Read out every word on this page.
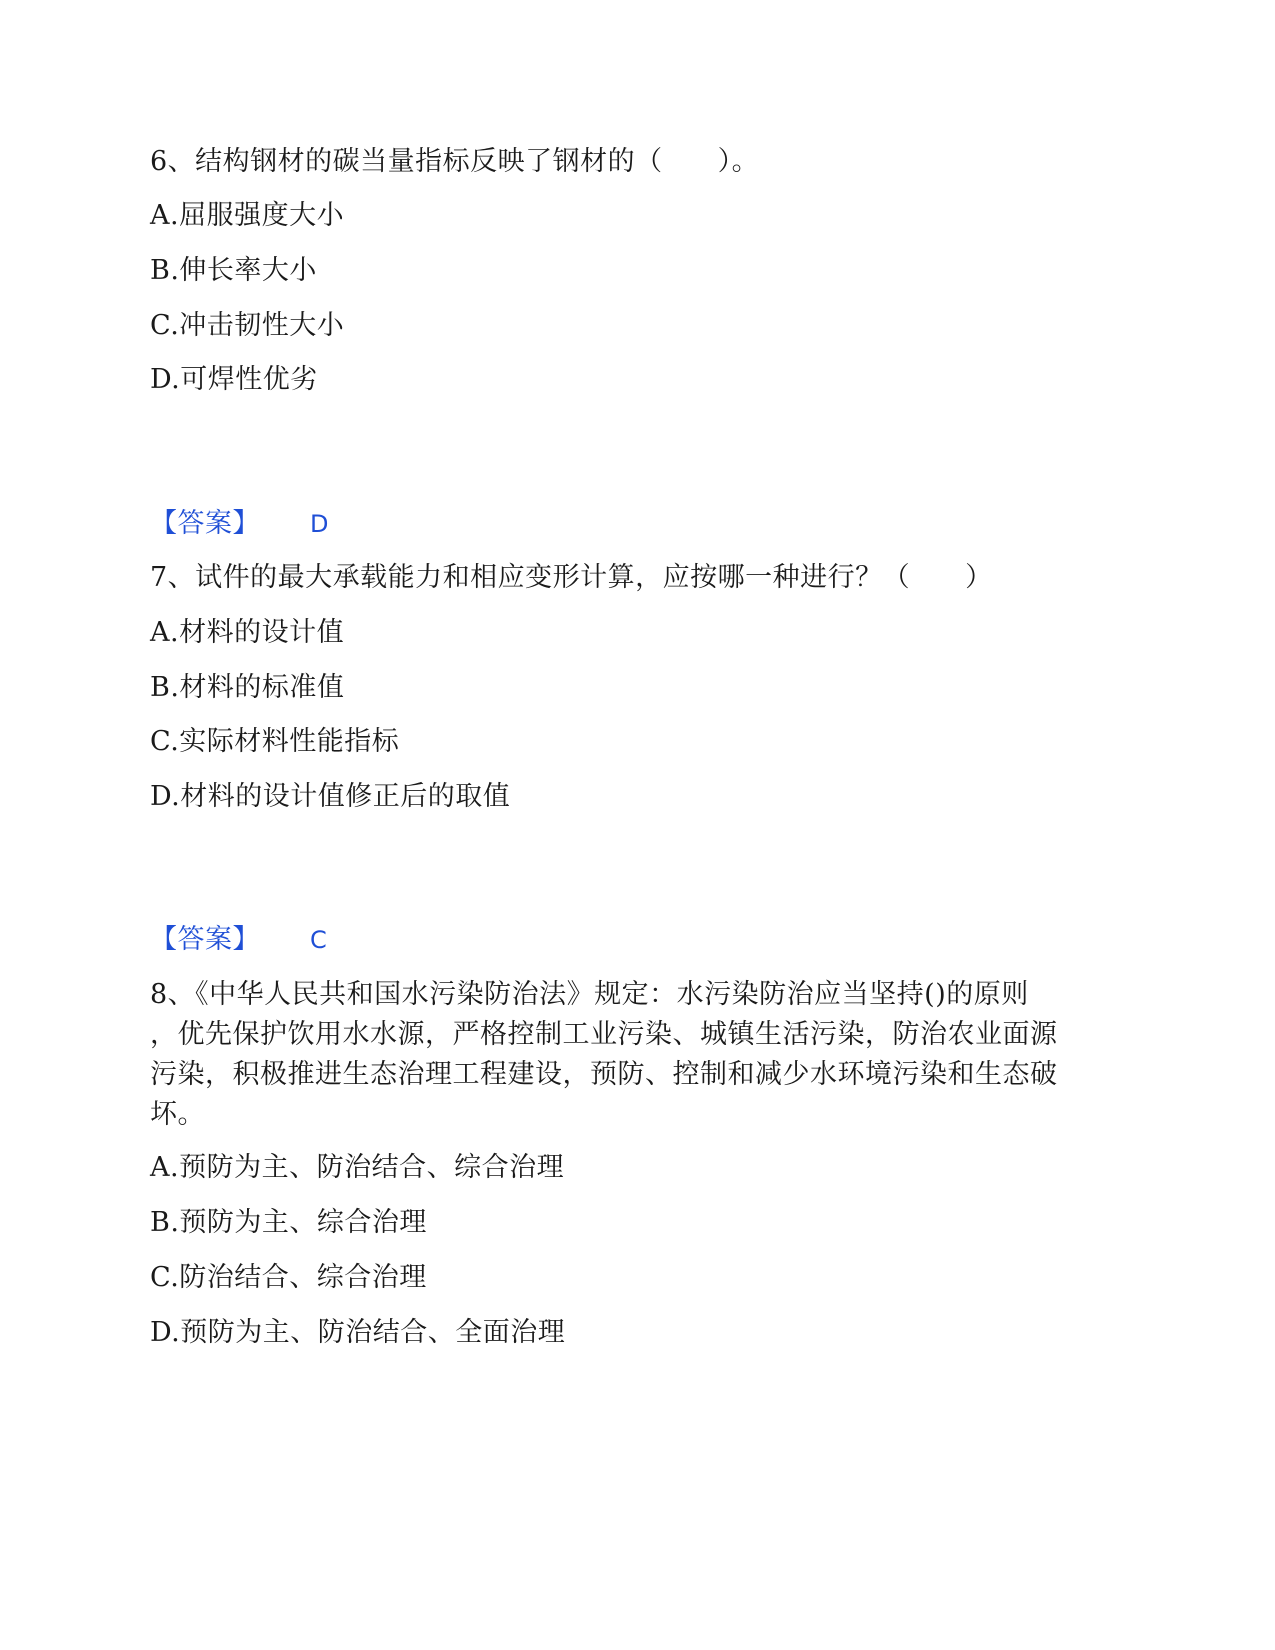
6、结构钢材的碳当量指标反映了钢材的（　　）。
A.屈服强度大小
B.伸长率大小
C.冲击韧性大小
D.可焊性优劣
【答案】 D
7、试件的最大承载能力和相应变形计算，应按哪一种进行？（　　）
A.材料的设计值
B.材料的标准值
C.实际材料性能指标
D.材料的设计值修正后的取值
【答案】 C
8、《中华人民共和国水污染防治法》规定：水污染防治应当坚持()的原则
，优先保护饮用水水源，严格控制工业污染、城镇生活污染，防治农业面源
污染，积极推进生态治理工程建设，预防、控制和减少水环境污染和生态破
坏。
A.预防为主、防治结合、综合治理
B.预防为主、综合治理
C.防治结合、综合治理
D.预防为主、防治结合、全面治理
